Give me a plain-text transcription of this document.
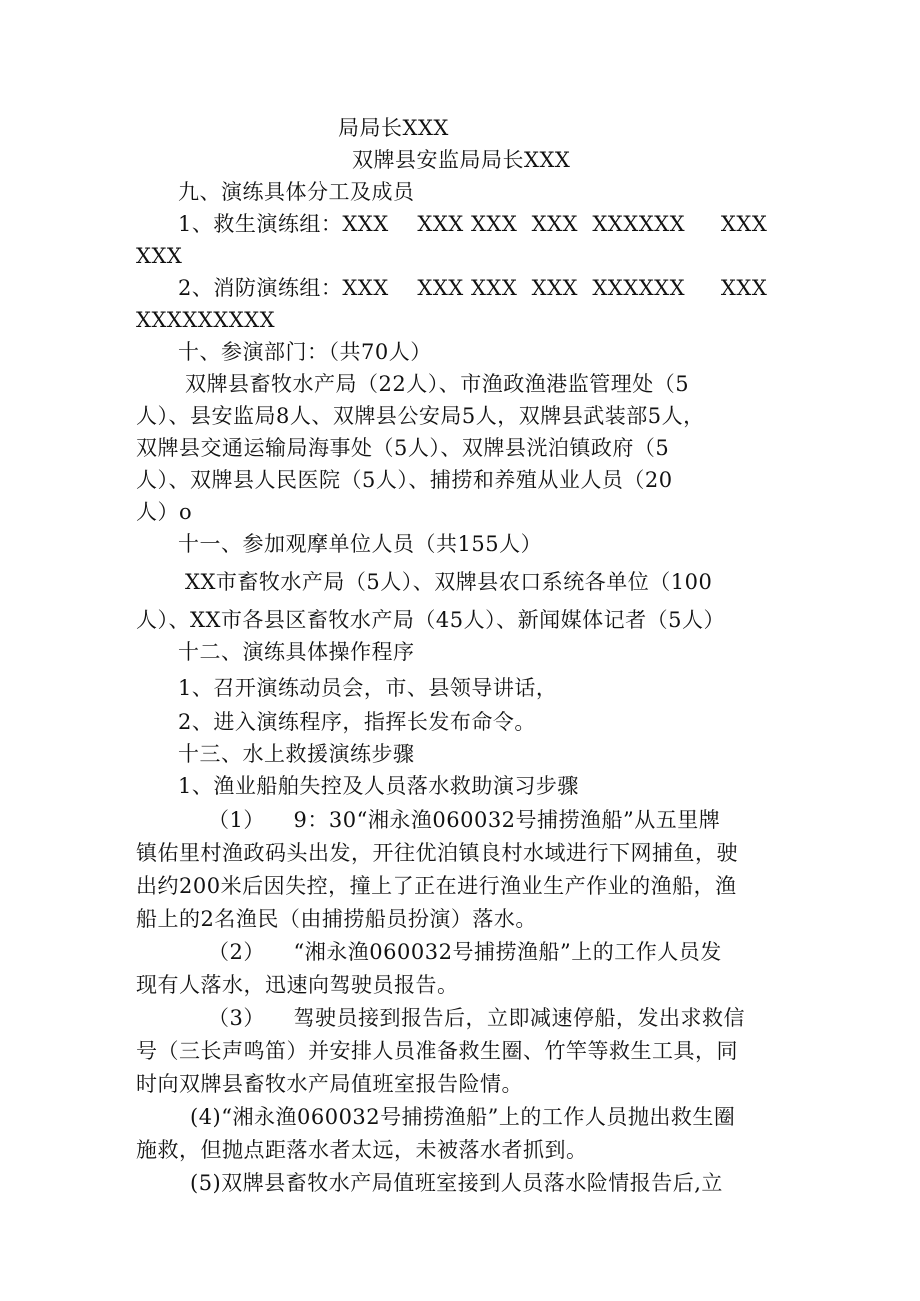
局局长XXX
双牌县安监局局长XXX
九、演练具体分工及成员
1、救生演练组：XXX    XXX XXX  XXX  XXXXXX     XXX
XXX
2、消防演练组：XXX    XXX XXX  XXX  XXXXXX     XXX
XXXXXXXXX
十、参演部门：（共70人）
双牌县畜牧水产局（22人）、市渔政渔港监管理处（5
人）、县安监局8人、双牌县公安局5人，双牌县武装部5人，
双牌县交通运输局海事处（5人）、双牌县洸泊镇政府（5
人）、双牌县人民医院（5人）、捕捞和养殖从业人员（20
人）o
十一、参加观摩单位人员（共155人）
XX市畜牧水产局（5人）、双牌县农口系统各单位（100
人）、XX市各县区畜牧水产局（45人）、新闻媒体记者（5人）
十二、演练具体操作程序
1、召开演练动员会，市、县领导讲话，
2、进入演练程序，指挥长发布命令。
十三、水上救援演练步骤
1、渔业船舶失控及人员落水救助演习步骤
（1）    9：30“湘永渔060032号捕捞渔船”从五里牌
镇佑里村渔政码头出发，开往优泊镇良村水域进行下网捕鱼，驶
出约200米后因失控，撞上了正在进行渔业生产作业的渔船，渔
船上的2名渔民（由捕捞船员扮演）落水。
（2）    “湘永渔060032号捕捞渔船”上的工作人员发
现有人落水，迅速向驾驶员报告。
（3）    驾驶员接到报告后，立即减速停船，发出求救信
号（三长声鸣笛）并安排人员准备救生圈、竹竿等救生工具，同
时向双牌县畜牧水产局值班室报告险情。
(4)“湘永渔060032号捕捞渔船”上的工作人员抛出救生圈
施救，但抛点距落水者太远，未被落水者抓到。
(5)双牌县畜牧水产局值班室接到人员落水险情报告后,立
